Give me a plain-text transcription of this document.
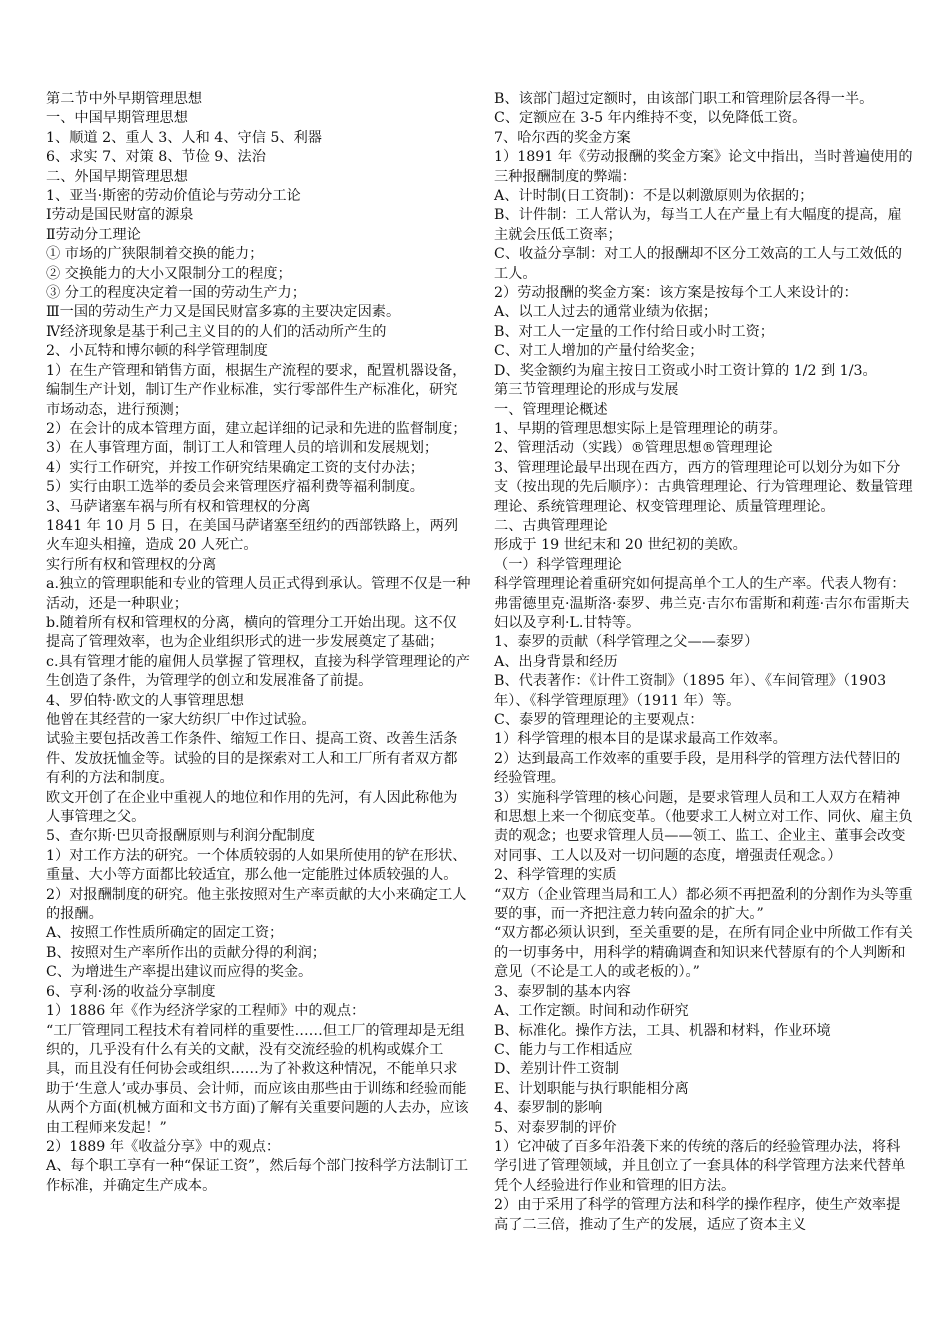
第二节中外早期管理思想

一、中国早期管理思想

1、顺道 2、重人 3、人和 4、守信 5、利器

6、求实 7、对策 8、节俭 9、法治

二、外国早期管理思想

1、亚当·斯密的劳动价值论与劳动分工论

Ⅰ劳动是国民财富的源泉

Ⅱ劳动分工理论

① 市场的广狭限制着交换的能力；

② 交换能力的大小又限制分工的程度；

③ 分工的程度决定着一国的劳动生产力；

Ⅲ一国的劳动生产力又是国民财富多寡的主要决定因素。

Ⅳ经济现象是基于利己主义目的的人们的活动所产生的

2、小瓦特和博尔顿的科学管理制度

1）在生产管理和销售方面，根据生产流程的要求，配置机器设备，编制生产计划，制订生产作业标准，实行零部件生产标准化，研究市场动态，进行预测；

2）在会计的成本管理方面，建立起详细的记录和先进的监督制度；

3）在人事管理方面，制订工人和管理人员的培训和发展规划；

4）实行工作研究，并按工作研究结果确定工资的支付办法；

5）实行由职工选举的委员会来管理医疗福利费等福利制度。

3、马萨诸塞车祸与所有权和管理权的分离

1841 年 10 月 5 日，在美国马萨诸塞至纽约的西部铁路上，两列火车迎头相撞，造成 20 人死亡。

实行所有权和管理权的分离

a.独立的管理职能和专业的管理人员正式得到承认。管理不仅是一种活动，还是一种职业；

b.随着所有权和管理权的分离，横向的管理分工开始出现。这不仅提高了管理效率，也为企业组织形式的进一步发展奠定了基础；

c.具有管理才能的雇佣人员掌握了管理权，直接为科学管理理论的产生创造了条件，为管理学的创立和发展准备了前提。

4、罗伯特·欧文的人事管理思想

他曾在其经营的一家大纺织厂中作过试验。

试验主要包括改善工作条件、缩短工作日、提高工资、改善生活条件、发放抚恤金等。试验的目的是探索对工人和工厂所有者双方都有利的方法和制度。

欧文开创了在企业中重视人的地位和作用的先河，有人因此称他为人事管理之父。

5、查尔斯·巴贝奇报酬原则与利润分配制度

1）对工作方法的研究。一个体质较弱的人如果所使用的铲在形状、重量、大小等方面都比较适宜，那么他一定能胜过体质较强的人。

2）对报酬制度的研究。他主张按照对生产率贡献的大小来确定工人的报酬。

A、按照工作性质所确定的固定工资；

B、按照对生产率所作出的贡献分得的利润；

C、为增进生产率提出建议而应得的奖金。

6、亨利·汤的收益分享制度

1）1886 年《作为经济学家的工程师》中的观点：

“工厂管理同工程技术有着同样的重要性……但工厂的管理却是无组织的，几乎没有什么有关的文献，没有交流经验的机构或媒介工具，而且没有任何协会或组织……为了补救这种情况，不能单只求助于‘生意人’或办事员、会计师，而应该由那些由于训练和经验而能从两个方面(机械方面和文书方面)了解有关重要问题的人去办，应该由工程师来发起！”

2）1889 年《收益分享》中的观点：

A、每个职工享有一种“保证工资”，然后每个部门按科学方法制订工作标准，并确定生产成本。

B、该部门超过定额时，由该部门职工和管理阶层各得一半。

C、定额应在 3-5 年内维持不变，以免降低工资。

7、哈尔西的奖金方案

1）1891 年《劳动报酬的奖金方案》论文中指出，当时普遍使用的三种报酬制度的弊端：

A、计时制(日工资制)：不是以刺激原则为依据的；

B、计件制：工人常认为，每当工人在产量上有大幅度的提高，雇主就会压低工资率；

C、收益分享制：对工人的报酬却不区分工效高的工人与工效低的工人。

2）劳动报酬的奖金方案：该方案是按每个工人来设计的：

A、以工人过去的通常业绩为依据；

B、对工人一定量的工作付给日或小时工资；

C、对工人增加的产量付给奖金；

D、奖金额约为雇主按日工资或小时工资计算的 1/2 到 1/3。

第三节管理理论的形成与发展

一、管理理论概述

1、早期的管理思想实际上是管理理论的萌芽。

2、管理活动（实践）®管理思想®管理理论

3、管理理论最早出现在西方，西方的管理理论可以划分为如下分支（按出现的先后顺序）：古典管理理论、行为管理理论、数量管理理论、系统管理理论、权变管理理论、质量管理理论。

二、古典管理理论

形成于 19 世纪末和 20 世纪初的美欧。

（一）科学管理理论

科学管理理论着重研究如何提高单个工人的生产率。代表人物有：弗雷德里克·温斯洛·泰罗、弗兰克·吉尔布雷斯和莉莲·吉尔布雷斯夫妇以及亨利·L.甘特等。

1、泰罗的贡献（科学管理之父——泰罗）

A、出身背景和经历

B、代表著作：《计件工资制》（1895 年）、《车间管理》（1903 年）、《科学管理原理》（1911 年）等。

C、泰罗的管理理论的主要观点：

1）科学管理的根本目的是谋求最高工作效率。

2）达到最高工作效率的重要手段，是用科学的管理方法代替旧的经验管理。

3）实施科学管理的核心问题，是要求管理人员和工人双方在精神和思想上来一个彻底变革。（他要求工人树立对工作、同伙、雇主负责的观念；也要求管理人员——领工、监工、企业主、董事会改变对同事、工人以及对一切问题的态度，增强责任观念。）

2、科学管理的实质

“双方（企业管理当局和工人）都必须不再把盈利的分割作为头等重要的事，而一齐把注意力转向盈余的扩大。”

“双方都必须认识到，至关重要的是，在所有同企业中所做工作有关的一切事务中，用科学的精确调查和知识来代替原有的个人判断和意见（不论是工人的或老板的）。”

3、泰罗制的基本内容

A、工作定额。时间和动作研究

B、标准化。操作方法，工具、机器和材料，作业环境

C、能力与工作相适应

D、差别计件工资制

E、计划职能与执行职能相分离

4、泰罗制的影响

5、对泰罗制的评价

1）它冲破了百多年沿袭下来的传统的落后的经验管理办法，将科学引进了管理领域，并且创立了一套具体的科学管理方法来代替单凭个人经验进行作业和管理的旧方法。

2）由于采用了科学的管理方法和科学的操作程序，使生产效率提高了二三倍，推动了生产的发展，适应了资本主义
